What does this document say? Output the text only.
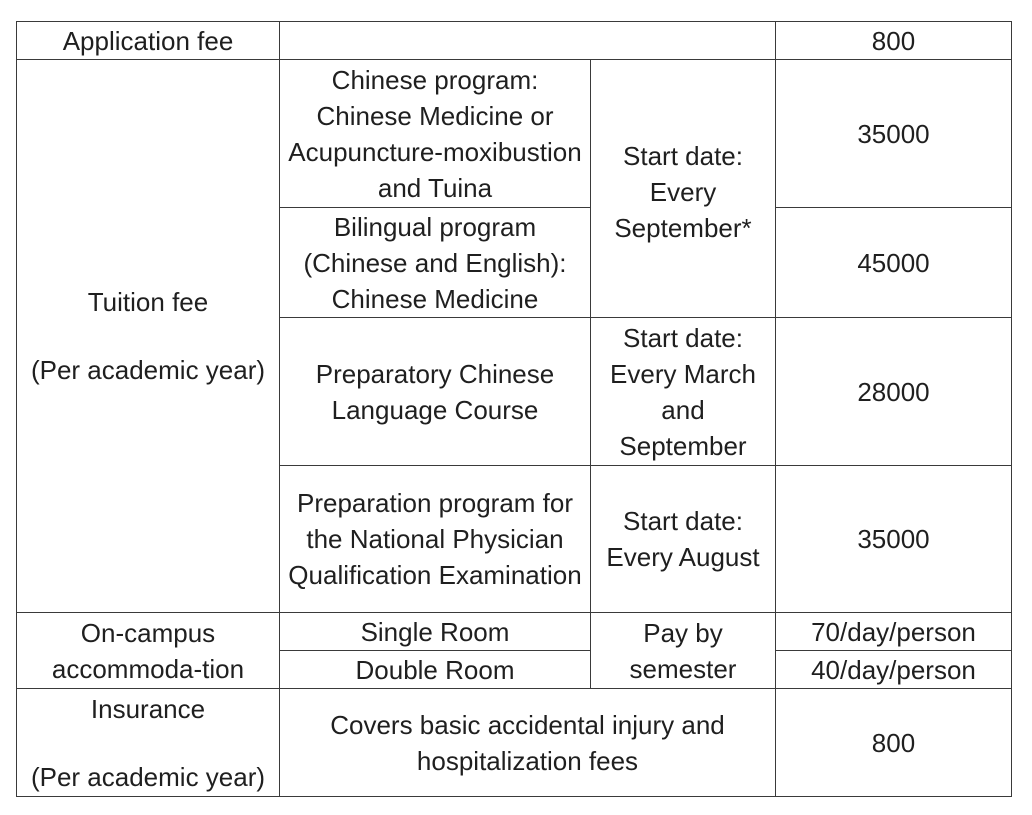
Application fee			800

Tuition fee
(Per academic year)	Chinese program: Chinese Medicine or Acupuncture-moxibustion and Tuina	Start date: Every September*	35000
	Bilingual program (Chinese and English): Chinese Medicine		45000
	Preparatory Chinese Language Course	Start date: Every March and September	28000
	Preparation program for the National Physician Qualification Examination	Start date: Every August	35000

On-campus accommoda-tion	Single Room	Pay by semester	70/day/person
	Double Room		40/day/person

Insurance
(Per academic year)	Covers basic accidental injury and hospitalization fees		800
